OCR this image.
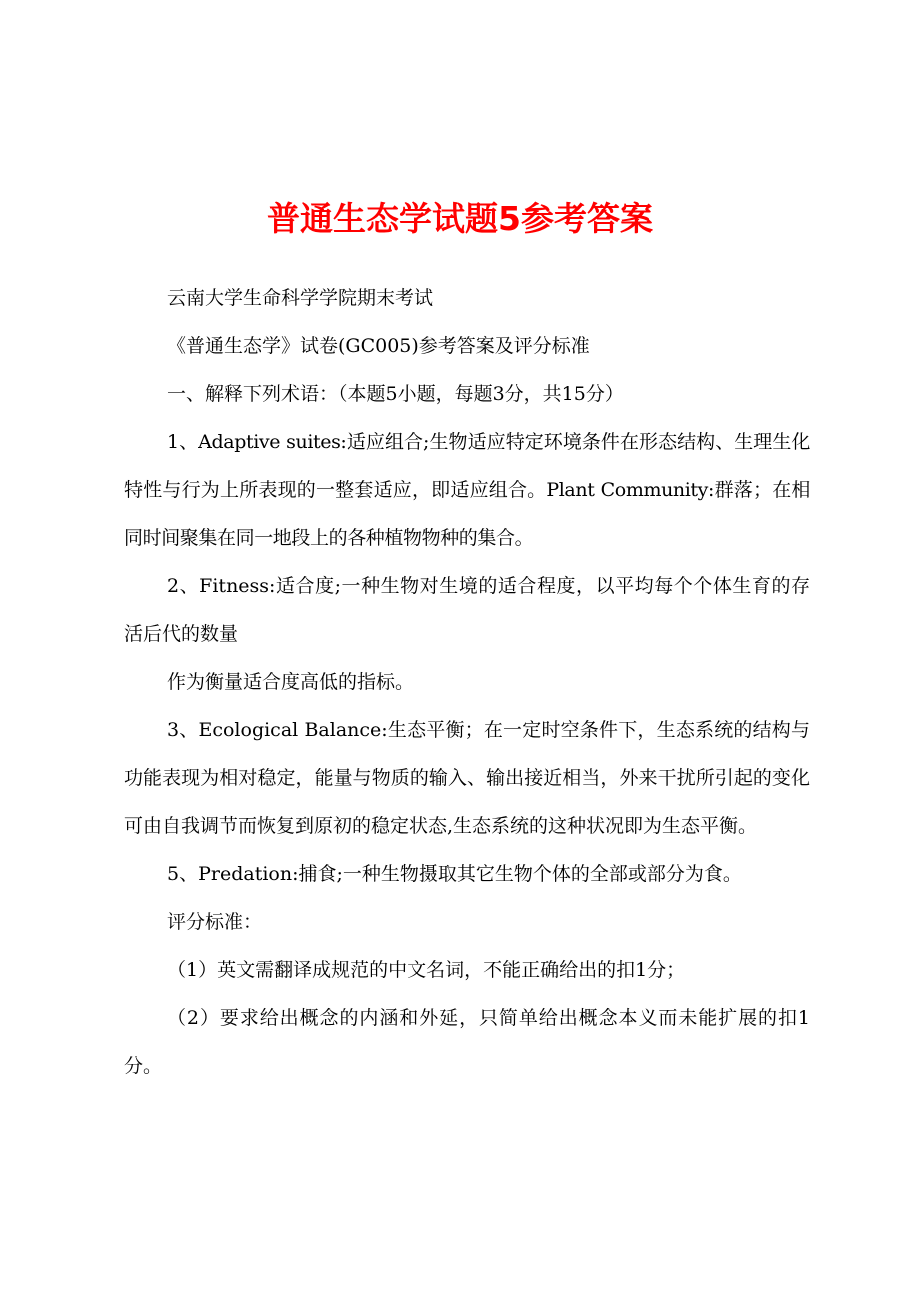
普通生态学试题5参考答案

云南大学生命科学学院期末考试

《普通生态学》试卷(GC005)参考答案及评分标准

一、解释下列术语：（本题5小题，每题3分，共15分）

1、Adaptive suites:适应组合;生物适应特定环境条件在形态结构、生理生化特性与行为上所表现的一整套适应，即适应组合。Plant Community:群落；在相同时间聚集在同一地段上的各种植物物种的集合。

2、Fitness:适合度;一种生物对生境的适合程度，以平均每个个体生育的存活后代的数量

作为衡量适合度高低的指标。

3、Ecological Balance:生态平衡；在一定时空条件下，生态系统的结构与功能表现为相对稳定，能量与物质的输入、输出接近相当，外来干扰所引起的变化可由自我调节而恢复到原初的稳定状态,生态系统的这种状况即为生态平衡。

5、Predation:捕食;一种生物摄取其它生物个体的全部或部分为食。

评分标准：

（1）英文需翻译成规范的中文名词，不能正确给出的扣1分；

（2）要求给出概念的内涵和外延，只简单给出概念本义而未能扩展的扣1分。
